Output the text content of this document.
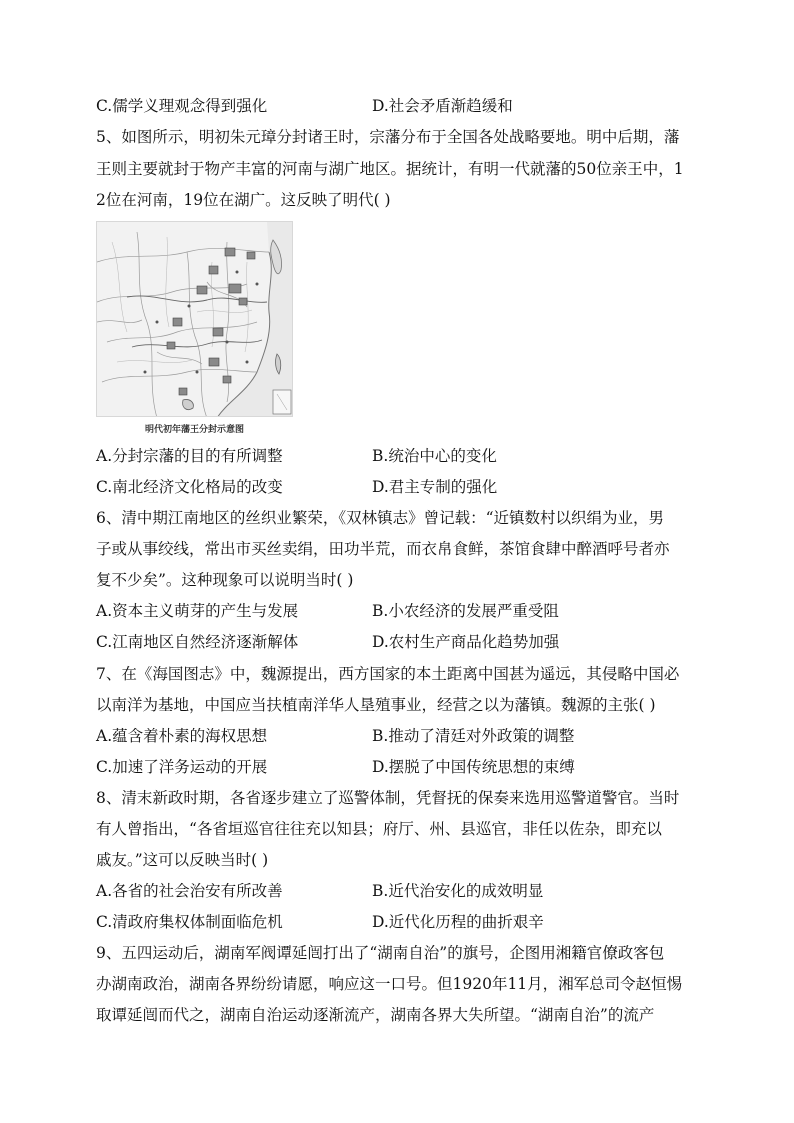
C.儒学义理观念得到强化	D.社会矛盾渐趋缓和
5、如图所示，明初朱元璋分封诸王时，宗藩分布于全国各处战略要地。明中后期，藩
王则主要就封于物产丰富的河南与湖广地区。据统计，有明一代就藩的50位亲王中，1
2位在河南，19位在湖广。这反映了明代( )
明代初年藩王分封示意图
A.分封宗藩的目的有所调整	B.统治中心的变化
C.南北经济文化格局的改变	D.君主专制的强化
6、清中期江南地区的丝织业繁荣，《双林镇志》曾记载：“近镇数村以织绢为业，男
子或从事绞线，常出市买丝卖绢，田功半荒，而衣帛食鲜，茶馆食肆中醉酒呼号者亦
复不少矣”。这种现象可以说明当时( )
A.资本主义萌芽的产生与发展	B.小农经济的发展严重受阻
C.江南地区自然经济逐渐解体	D.农村生产商品化趋势加强
7、在《海国图志》中，魏源提出，西方国家的本土距离中国甚为遥远，其侵略中国必
以南洋为基地，中国应当扶植南洋华人垦殖事业，经营之以为藩镇。魏源的主张( )
A.蕴含着朴素的海权思想	B.推动了清廷对外政策的调整
C.加速了洋务运动的开展	D.摆脱了中国传统思想的束缚
8、清末新政时期，各省逐步建立了巡警体制，凭督抚的保奏来选用巡警道警官。当时
有人曾指出，“各省垣巡官往往充以知县；府厅、州、县巡官，非任以佐杂，即充以
戚友。”这可以反映当时( )
A.各省的社会治安有所改善	B.近代治安化的成效明显
C.清政府集权体制面临危机	D.近代化历程的曲折艰辛
9、五四运动后，湖南军阀谭延闿打出了“湖南自治”的旗号，企图用湘籍官僚政客包
办湖南政治，湖南各界纷纷请愿，响应这一口号。但1920年11月，湘军总司令赵恒惕
取谭延闿而代之，湖南自治运动逐渐流产，湖南各界大失所望。“湖南自治”的流产
